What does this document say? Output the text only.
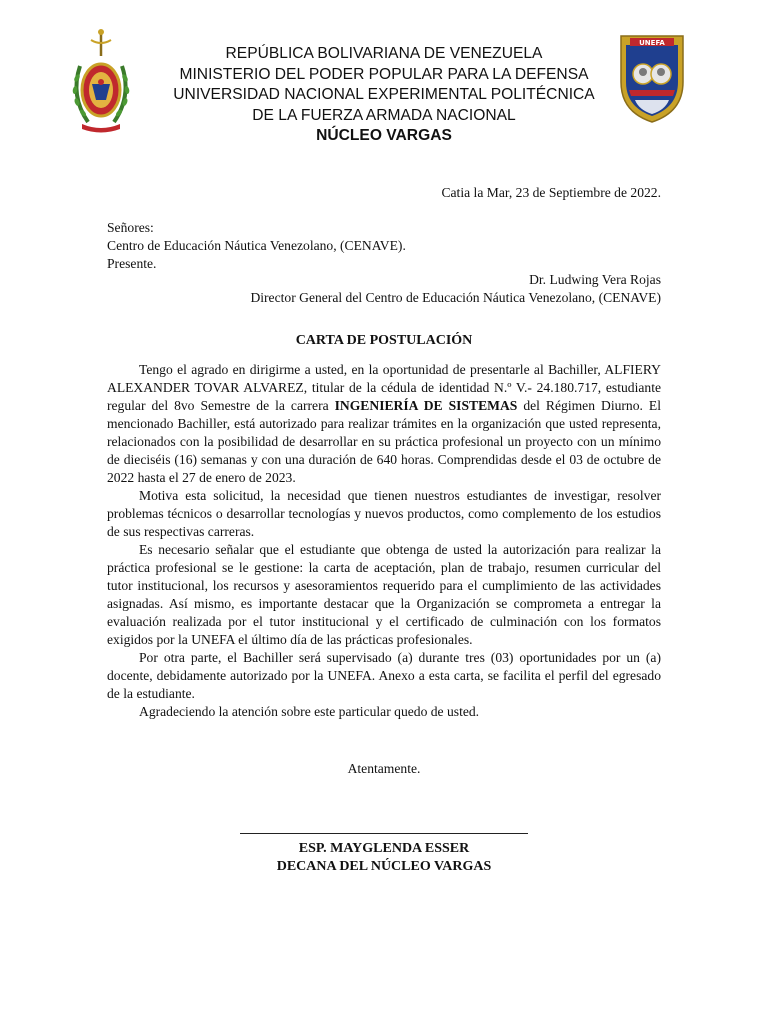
UNEFA
REPÚBLICA BOLIVARIANA DE VENEZUELA
MINISTERIO DEL PODER POPULAR PARA LA DEFENSA
UNIVERSIDAD NACIONAL EXPERIMENTAL POLITÉCNICA
DE LA FUERZA ARMADA NACIONAL
NÚCLEO VARGAS
Catia la Mar, 23 de Septiembre de 2022.
Señores:
Centro de Educación Náutica Venezolano, (CENAVE).
Presente.
Dr. Ludwing Vera Rojas
Director General del Centro de Educación Náutica Venezolano, (CENAVE)
CARTA DE POSTULACIÓN

Tengo el agrado en dirigirme a usted, en la oportunidad de presentarle al Bachiller, ALFIERY ALEXANDER TOVAR ALVAREZ, titular de la cédula de identidad N.º V.- 24.180.717, estudiante regular del 8vo Semestre de la carrera INGENIERÍA DE SISTEMAS del Régimen Diurno. El mencionado Bachiller, está autorizado para realizar trámites en la organización que usted representa, relacionados con la posibilidad de desarrollar en su práctica profesional un proyecto con un mínimo de dieciséis (16) semanas y con una duración de 640 horas. Comprendidas desde el 03 de octubre de 2022 hasta el 27 de enero de 2023.

Motiva esta solicitud, la necesidad que tienen nuestros estudiantes de investigar, resolver problemas técnicos o desarrollar tecnologías y nuevos productos, como complemento de los estudios de sus respectivas carreras.

Es necesario señalar que el estudiante que obtenga de usted la autorización para realizar la práctica profesional se le gestione: la carta de aceptación, plan de trabajo, resumen curricular del tutor institucional, los recursos y asesoramientos requerido para el cumplimiento de las actividades asignadas. Así mismo, es importante destacar que la Organización se comprometa a entregar la evaluación realizada por el tutor institucional y el certificado de culminación con los formatos exigidos por la UNEFA el último día de las prácticas profesionales.

Por otra parte, el Bachiller será supervisado (a) durante tres (03) oportunidades por un (a) docente, debidamente autorizado por la UNEFA. Anexo a esta carta, se facilita el perfil del egresado de la estudiante.

Agradeciendo la atención sobre este particular quedo de usted.

Atentamente.
ESP. MAYGLENDA ESSER
DECANA DEL NÚCLEO VARGAS
